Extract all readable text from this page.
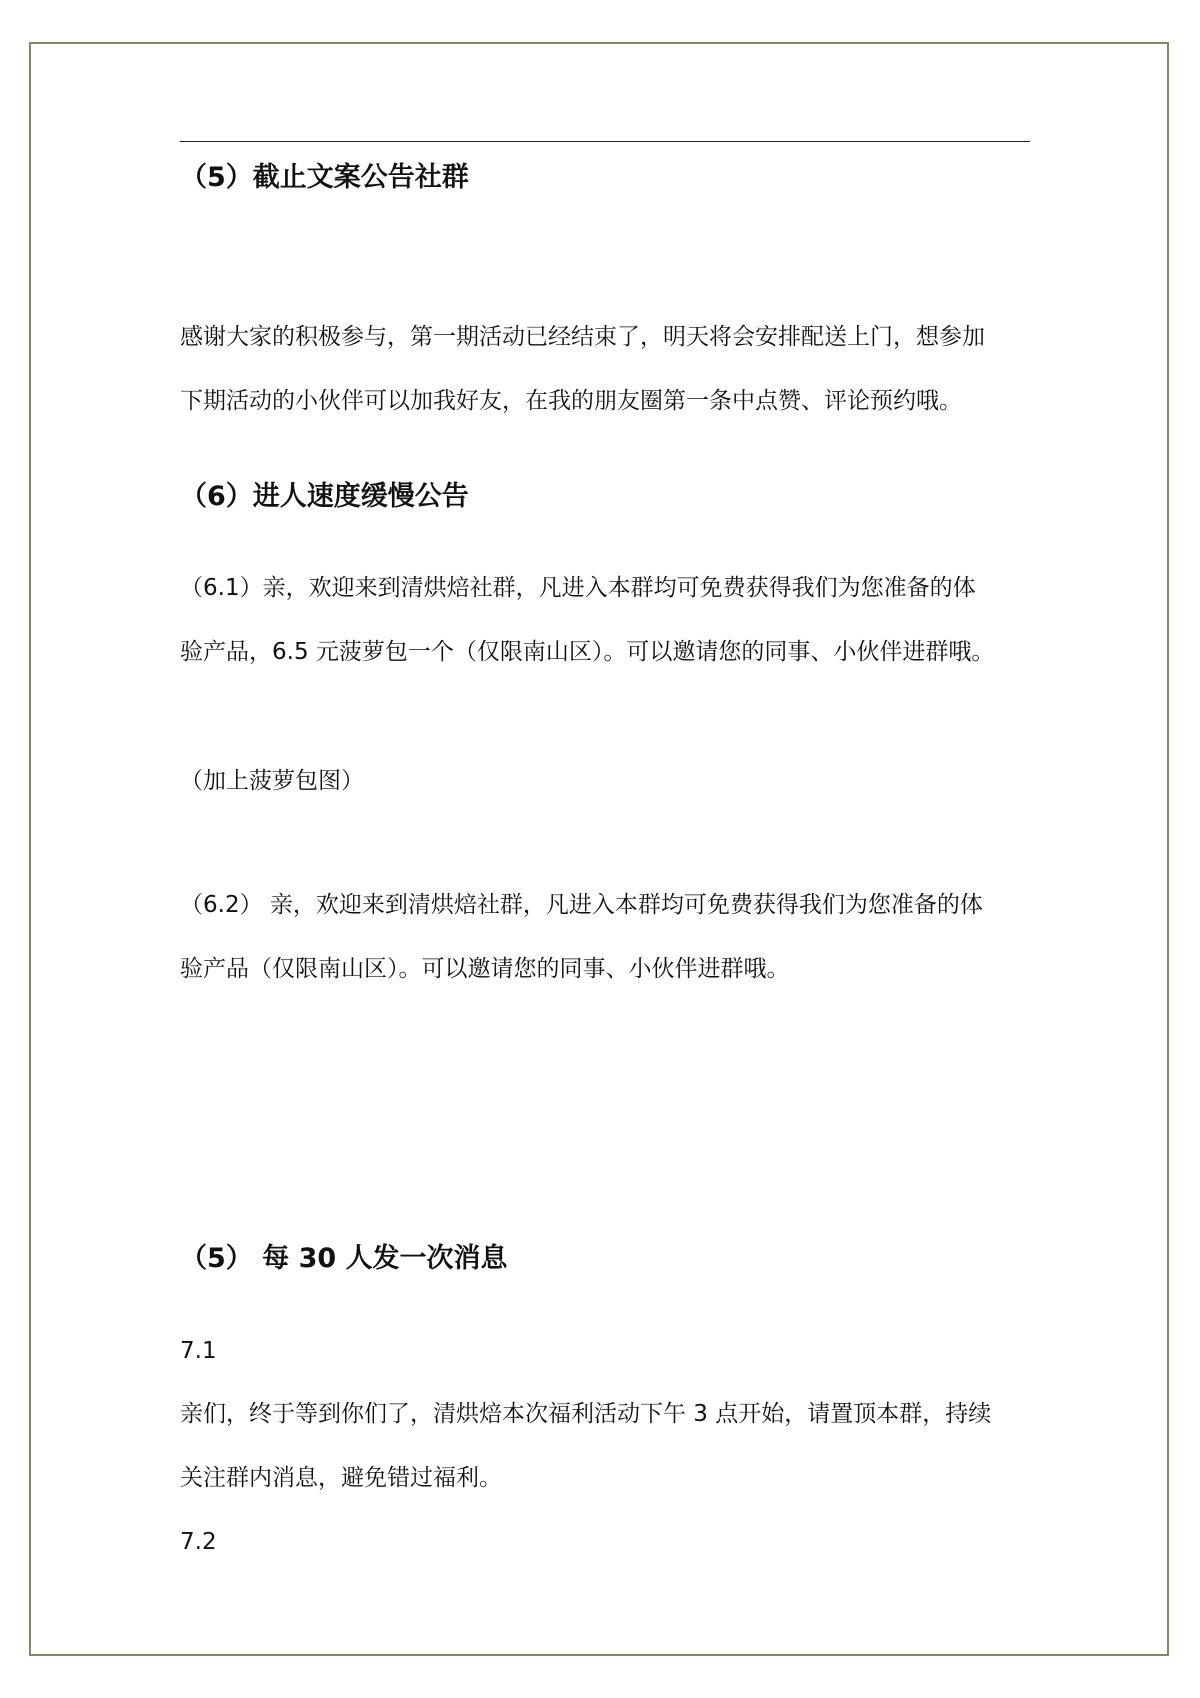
（5）截止文案公告社群

感谢大家的积极参与，第一期活动已经结束了，明天将会安排配送上门，想参加
下期活动的小伙伴可以加我好友，在我的朋友圈第一条中点赞、评论预约哦。

（6）进人速度缓慢公告

（6.1）亲，欢迎来到清烘焙社群，凡进入本群均可免费获得我们为您准备的体
验产品，6.5 元菠萝包一个（仅限南山区）。可以邀请您的同事、小伙伴进群哦。

（加上菠萝包图）

（6.2） 亲，欢迎来到清烘焙社群，凡进入本群均可免费获得我们为您准备的体
验产品（仅限南山区）。可以邀请您的同事、小伙伴进群哦。

（5） 每 30 人发一次消息

7.1

亲们，终于等到你们了，清烘焙本次福利活动下午 3 点开始，请置顶本群，持续
关注群内消息，避免错过福利。

7.2
